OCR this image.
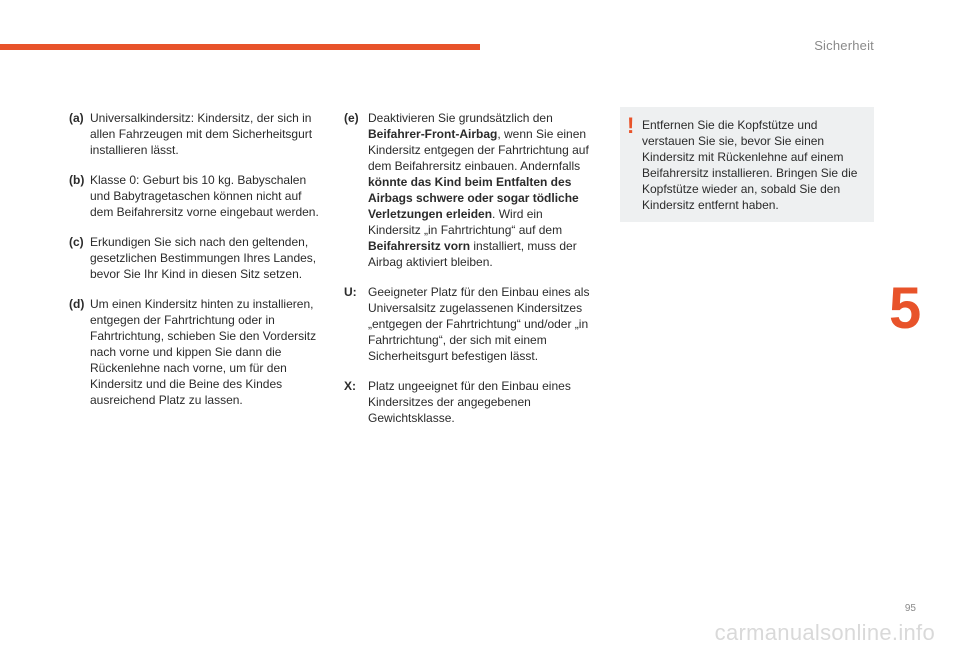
Sicherheit
5
(a) Universalkindersitz: Kindersitz, der sich in allen Fahrzeugen mit dem Sicherheitsgurt installieren lässt.
(b) Klasse 0: Geburt bis 10 kg. Babyschalen und Babytragetaschen können nicht auf dem Beifahrersitz vorne eingebaut werden.
(c) Erkundigen Sie sich nach den geltenden, gesetzlichen Bestimmungen Ihres Landes, bevor Sie Ihr Kind in diesen Sitz setzen.
(d) Um einen Kindersitz hinten zu installieren, entgegen der Fahrtrichtung oder in Fahrtrichtung, schieben Sie den Vordersitz nach vorne und kippen Sie dann die Rückenlehne nach vorne, um für den Kindersitz und die Beine des Kindes ausreichend Platz zu lassen.
(e) Deaktivieren Sie grundsätzlich den Beifahrer-Front-Airbag, wenn Sie einen Kindersitz entgegen der Fahrtrichtung auf dem Beifahrersitz einbauen. Andernfalls könnte das Kind beim Entfalten des Airbags schwere oder sogar tödliche Verletzungen erleiden. Wird ein Kindersitz „in Fahrtrichtung“ auf dem Beifahrersitz vorn installiert, muss der Airbag aktiviert bleiben.
U: Geeigneter Platz für den Einbau eines als Universalsitz zugelassenen Kindersitzes „entgegen der Fahrtrichtung“ und/oder „in Fahrtrichtung“, der sich mit einem Sicherheitsgurt befestigen lässt.
X:	Platz ungeeignet für den Einbau eines Kindersitzes der angegebenen Gewichtsklasse.
! Entfernen Sie die Kopfstütze und verstauen Sie sie, bevor Sie einen Kindersitz mit Rückenlehne auf einem Beifahrersitz installieren. Bringen Sie die Kopfstütze wieder an, sobald Sie den Kindersitz entfernt haben.
95
carmanualsonline.info
